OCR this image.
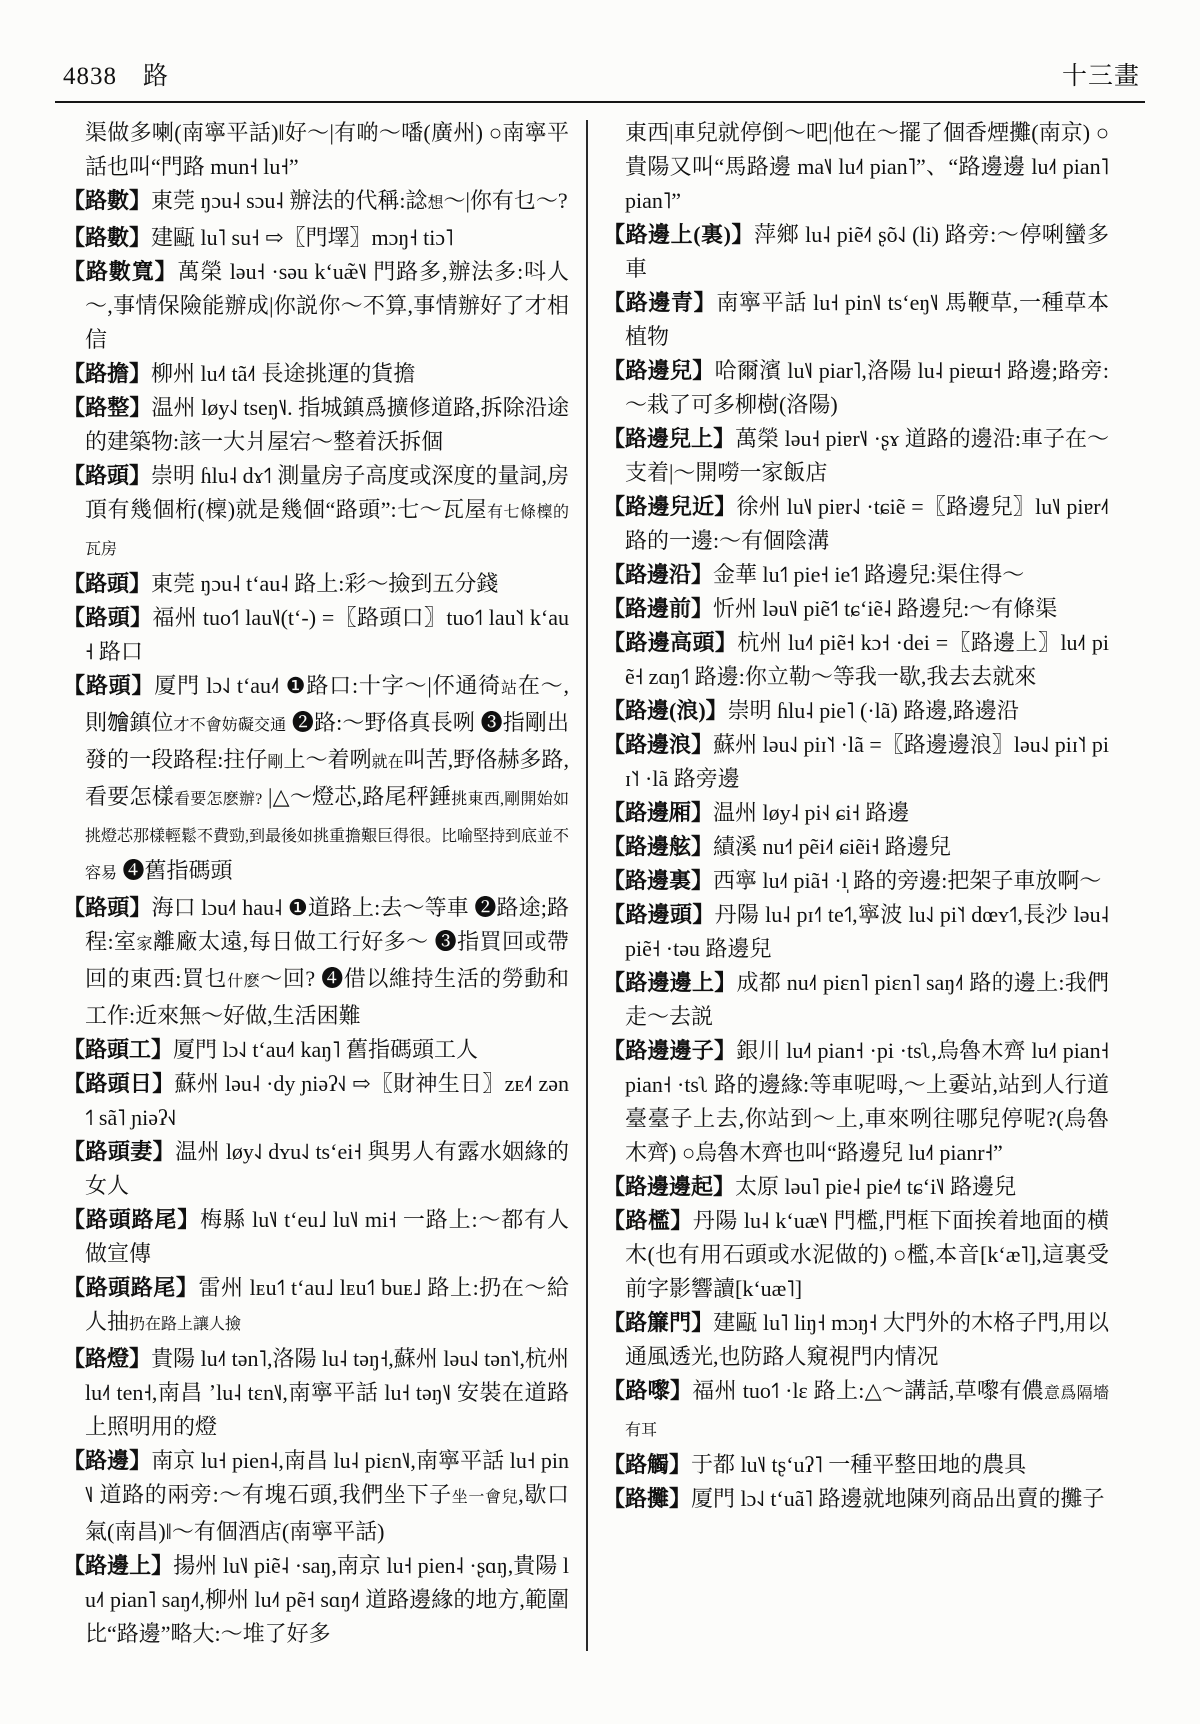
4838 路	十三畫
渠做多喇(南寧平話)‖好～|有啲～噃(廣州) ○南寧平話也叫“門路 mun˧ lu˧”
【路數】東莞 ŋɔu˨ sɔu˨ 辦法的代稱:諗想～|你有乜～?
【路數】建甌 lu˥ su˧ ⇨〖門墿〗mɔŋ˧ tiɔ˥
【路數寬】萬榮 ləu˧ ·səu kʻuæ̃˥˩ 門路多,辦法多:呌人～,事情保險能辦成|你説你～不算,事情辦好了才相信
【路擔】柳州 lu˨˦ tã˨˦ 長途挑運的貨擔
【路整】温州 løy˨˩ tseŋ˥˩. 指城鎮爲擴修道路,拆除沿途的建築物:該一大爿屋宕～整着沃拆個
【路頭】崇明 ɦlu˨ dɤ˦˥ 測量房子高度或深度的量詞,房頂有幾個桁(檁)就是幾個“路頭”:七～瓦屋有七條檁的瓦房
【路頭】東莞 ŋɔu˨ tʻau˨ 路上:彩～撿到五分錢
【路頭】福州 tuo˦˥ lau˥˩(tʻ-) =〖路頭口〗tuo˦˥ lau˥˦ kʻau˧ 路口
【路頭】厦門 lɔ˨˩ tʻau˨˦ ❶路口:十字～|伓通徛站在～,則𣍐鎮位才不會妨礙交通 ❷路:～野佫真長咧 ❸指剛出發的一段路程:拄仔剛上～着咧就在叫苦,野佫赫多路,看要怎樣看要怎麽辦? |△～燈芯,路尾秤錘挑東西,剛開始如挑燈芯那樣輕鬆不費勁,到最後如挑重擔艱巨得很。比喻堅持到底並不容易 ❹舊指碼頭
【路頭】海口 lɔu˨˦ hau˨ ❶道路上:去～等車 ❷路途;路程:室家離廠太遠,每日做工行好多～ ❸指買回或帶回的東西:買乜什麽～回? ❹借以維持生活的勞動和工作:近來無～好做,生活困難
【路頭工】厦門 lɔ˨˩ tʻau˨˦ kaŋ˥ 舊指碼頭工人
【路頭日】蘇州 ləu˨ ·dy ɲiəʔ˧˩ ⇨〖財神生日〗zᴇ˨˦ zən˦˥ sã˥ ɲiəʔ˧˩
【路頭妻】温州 løy˨˩ dʏu˨˩ tsʻei˧ 與男人有露水姻緣的女人
【路頭路尾】梅縣 lu˥˩ tʻeu˩ lu˥˩ mi˧ 一路上:～都有人做宣傳
【路頭路尾】雷州 lᴇu˦˥ tʻau˩ lᴇu˦˥ buᴇ˩ 路上:扔在～給人抽扔在路上讓人撿
【路燈】貴陽 lu˨˦ tən˥,洛陽 lu˨ təŋ˧,蘇州 ləu˨˩ tən˥˦,杭州 lu˨˦ ten˧,南昌 ʼlu˨ tɛn˥˩,南寧平話 lu˧ təŋ˥˩ 安裝在道路上照明用的燈
【路邊】南京 lu˧ pien˨,南昌 lu˨ piɛn˥˩,南寧平話 lu˧ pin˥˩ 道路的兩旁:～有塊石頭,我們坐下子坐一會兒,歇口氣(南昌)‖～有個酒店(南寧平話)
【路邊上】揚州 lu˥˩ piẽ˨ ·saŋ,南京 lu˧ pien˨ ·ʂɑŋ,貴陽 lu˨˦ pian˥ saŋ˨˦,柳州 lu˨˦ pẽ˧ sɑŋ˨˦ 道路邊緣的地方,範圍比“路邊”略大:～堆了好多
東西|車兒就停倒～吧|他在～擺了個香煙攤(南京) ○貴陽又叫“馬路邊 ma˥˩ lu˨˦ pian˥”、“路邊邊 lu˨˦ pian˥ pian˥”
【路邊上(裏)】萍鄉 lu˨ piẽ˨˦ ʂõ˨˩ (li) 路旁:～停唎蠻多車
【路邊青】南寧平話 lu˧ pin˥˩ tsʻeŋ˥˩ 馬鞭草,一種草本植物
【路邊兒】哈爾濱 lu˥˩ piar˥,洛陽 lu˨ piɐɯ˧ 路邊;路旁:～栽了可多柳樹(洛陽)
【路邊兒上】萬榮 ləu˧ piɐr˥˩ ·ʂɤ 道路的邊沿:車子在～支着|～開嘮一家飯店
【路邊兒近】徐州 lu˥˩ piɐr˨˩ ·tɕiẽ =〖路邊兒〗lu˥˩ piɐr˨˦ 路的一邊:～有個陰溝
【路邊沿】金華 lu˦˥ pie˧ ie˦˥ 路邊兒:渠住得～
【路邊前】忻州 ləu˥˩ piẽ˦˥ tɕʻiẽ˨ 路邊兒:～有條渠
【路邊高頭】杭州 lu˨˦ piẽ˧ kɔ˧ ·dei =〖路邊上〗lu˨˦ piẽ˧ zɑŋ˦˥ 路邊:你立勒～等我一歇,我去去就來
【路邊(浪)】崇明 ɦlu˨ pie˥ (·lã) 路邊,路邊沿
【路邊浪】蘇州 ləu˨˩ piɪ˥˦ ·lã =〖路邊邊浪〗ləu˨˩ piɪ˥˦ piɪ˥˦ ·lã 路旁邊
【路邊厢】温州 løy˨ pi˧˨ ɕi˧ 路邊
【路邊舷】績溪 nu˧˦ pẽi˨˦ ɕiẽi˧ 路邊兒
【路邊裏】西寧 lu˨˦ piã˧ ·l̩ 路的旁邊:把架子車放啊～
【路邊頭】丹陽 lu˨ pɪ˧˥ te˦˥,寧波 lu˨˩ pi˥˦ dœʏ˦˥,長沙 ləu˨ piẽ˧ ·təu 路邊兒
【路邊邊上】成都 nu˨˦ piɛn˥ piɛn˥ saŋ˨˦ 路的邊上:我們走～去説
【路邊邊子】銀川 lu˨˦ pian˧ ·pi ·tsʅ,烏魯木齊 lu˨˦ pian˧ pian˧ ·tsʅ 路的邊緣:等車呢呣,～上嫑站,站到人行道臺臺子上去,你站到～上,車來咧往哪兒停呢?(烏魯木齊) ○烏魯木齊也叫“路邊兒 lu˨˦ pianr˧”
【路邊邊起】太原 ləu˥ pie˨ pie˨˦ tɕʻi˥˩ 路邊兒
【路檻】丹陽 lu˨ kʻuæ˥˨ 門檻,門框下面挨着地面的横木(也有用石頭或水泥做的) ○檻,本音[kʻæ˥],這裏受前字影響讀[kʻuæ˥]
【路簾門】建甌 lu˥ liŋ˧ mɔŋ˧ 大門外的木格子門,用以通風透光,也防路人窺視門内情况
【路嚟】福州 tuo˦˥ ·lɛ 路上:△～講話,草嚟有儂意爲隔墻有耳
【路觸】于都 lu˥˩ tʂʻuʔ˥ 一種平整田地的農具
【路攤】厦門 lɔ˨˩ tʻuã˥ 路邊就地陳列商品出賣的攤子
